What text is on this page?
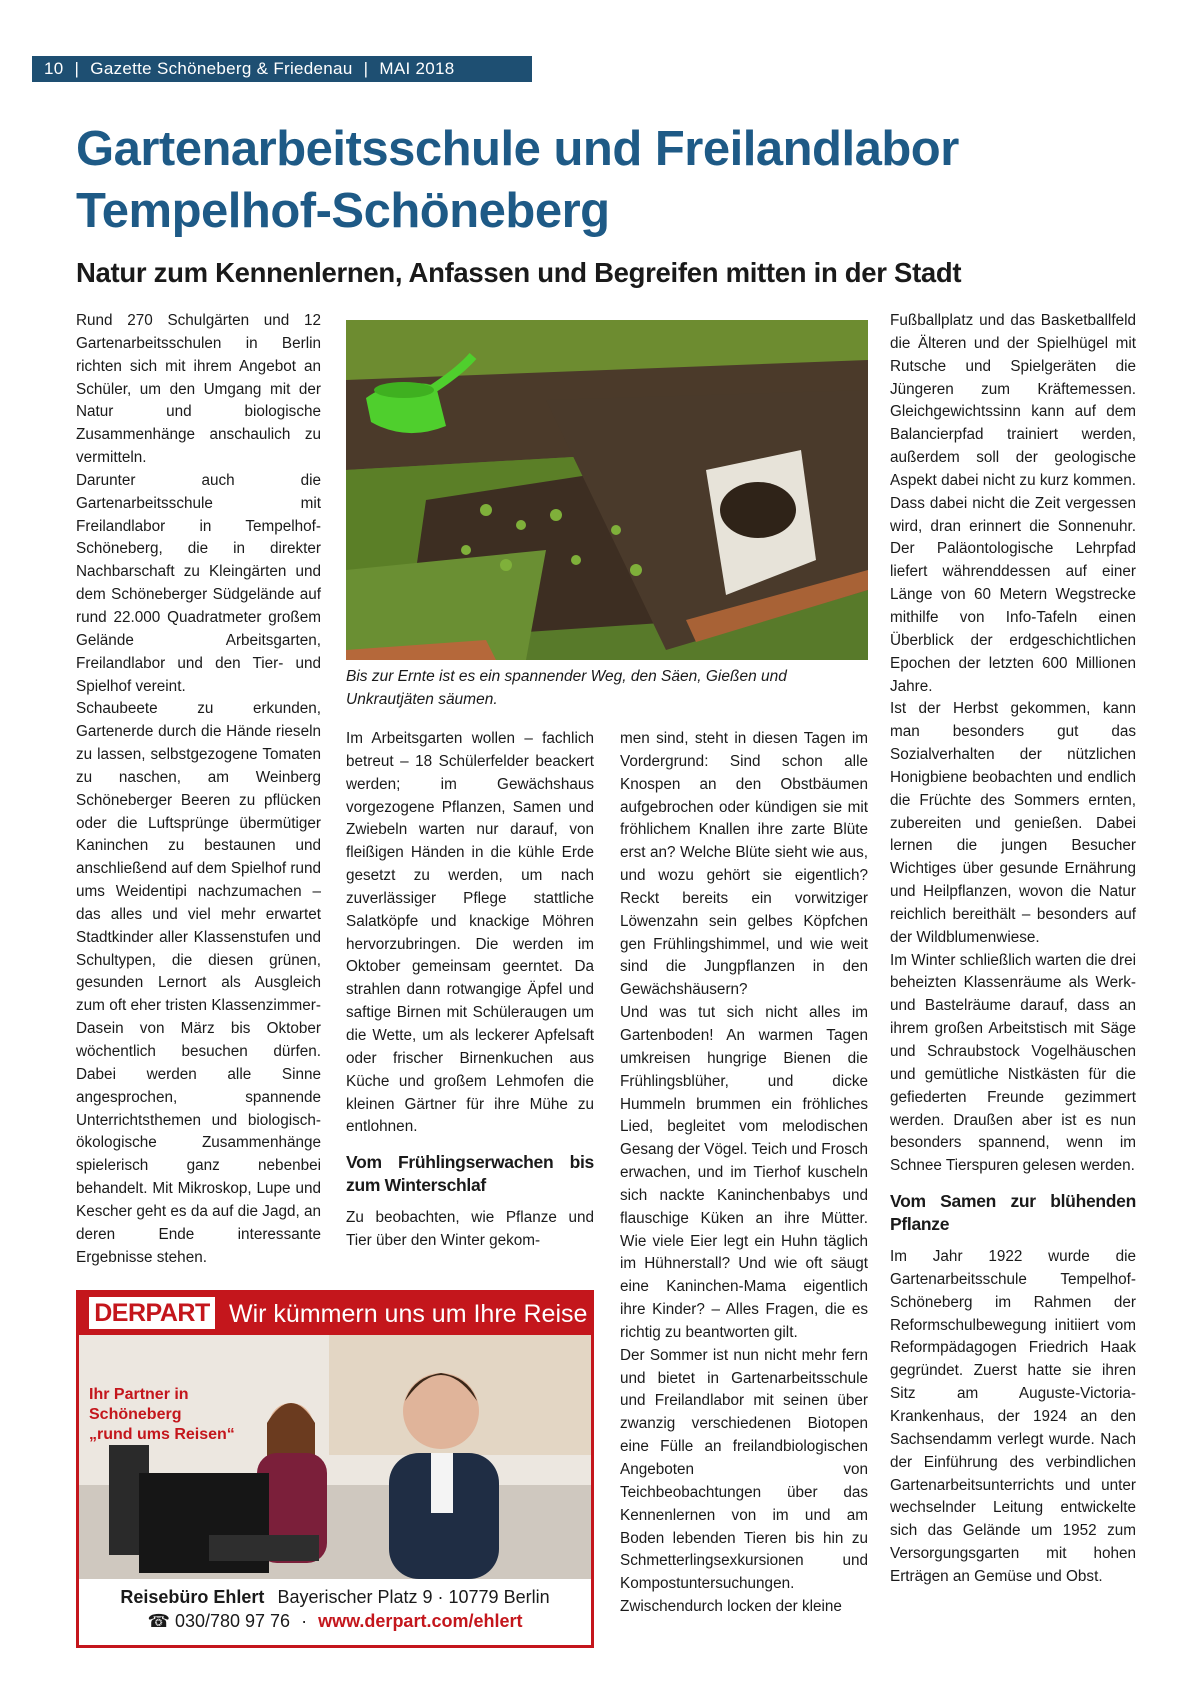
10 | Gazette Schöneberg & Friedenau | MAI 2018
Gartenarbeitsschule und Freilandlabor
Tempelhof-Schöneberg
Natur zum Kennenlernen, Anfassen und Begreifen mitten in der Stadt

Rund 270 Schulgärten und 12 Gartenarbeitsschulen in Berlin richten sich mit ihrem Angebot an Schüler, um den Umgang mit der Natur und biologische Zusammenhänge anschaulich zu vermitteln.

Darunter auch die Gartenarbeitsschule mit Freilandlabor in Tempelhof-Schöneberg, die in direkter Nachbarschaft zu Kleingärten und dem Schöneberger Südgelände auf rund 22.000 Quadratmeter großem Gelände Arbeitsgarten, Freilandlabor und den Tier- und Spielhof vereint.

Schaubeete zu erkunden, Gartenerde durch die Hände rieseln zu lassen, selbstgezogene Tomaten zu naschen, am Weinberg Schöneberger Beeren zu pflücken oder die Luftsprünge übermütiger Kaninchen zu bestaunen und anschließend auf dem Spielhof rund ums Weidentipi nachzumachen – das alles und viel mehr erwartet Stadtkinder aller Klassenstufen und Schultypen, die diesen grünen, gesunden Lernort als Ausgleich zum oft eher tristen Klassenzimmer-Dasein von März bis Oktober wöchentlich besuchen dürfen. Dabei werden alle Sinne angesprochen, spannende Unterrichtsthemen und biologisch-ökologische Zusammenhänge spielerisch ganz nebenbei behandelt. Mit Mikroskop, Lupe und Kescher geht es da auf die Jagd, an deren Ende interessante Ergebnisse stehen.

Bis zur Ernte ist es ein spannender Weg, den Säen, Gießen und Unkrautjäten säumen.

Im Arbeitsgarten wollen – fachlich betreut – 18 Schülerfelder beackert werden; im Gewächshaus vorgezogene Pflanzen, Samen und Zwiebeln warten nur darauf, von fleißigen Händen in die kühle Erde gesetzt zu werden, um nach zuverlässiger Pflege stattliche Salatköpfe und knackige Möhren hervorzubringen. Die werden im Oktober gemeinsam geerntet. Da strahlen dann rotwangige Äpfel und saftige Birnen mit Schüleraugen um die Wette, um als leckerer Apfelsaft oder frischer Birnenkuchen aus Küche und großem Lehmofen die kleinen Gärtner für ihre Mühe zu entlohnen.

Vom Frühlingserwachen bis zum Winterschlaf

Zu beobachten, wie Pflanze und Tier über den Winter gekom-

men sind, steht in diesen Tagen im Vordergrund: Sind schon alle Knospen an den Obstbäumen aufgebrochen oder kündigen sie mit fröhlichem Knallen ihre zarte Blüte erst an? Welche Blüte sieht wie aus, und wozu gehört sie eigentlich? Reckt bereits ein vorwitziger Löwenzahn sein gelbes Köpfchen gen Frühlingshimmel, und wie weit sind die Jungpflanzen in den Gewächshäusern?

Und was tut sich nicht alles im Gartenboden! An warmen Tagen umkreisen hungrige Bienen die Frühlingsblüher, und dicke Hummeln brummen ein fröhliches Lied, begleitet vom melodischen Gesang der Vögel. Teich und Frosch erwachen, und im Tierhof kuscheln sich nackte Kaninchenbabys und flauschige Küken an ihre Mütter. Wie viele Eier legt ein Huhn täglich im Hühnerstall? Und wie oft säugt eine Kaninchen-Mama eigentlich ihre Kinder? – Alles Fragen, die es richtig zu beantworten gilt.

Der Sommer ist nun nicht mehr fern und bietet in Gartenarbeitsschule und Freilandlabor mit seinen über zwanzig verschiedenen Biotopen eine Fülle an freilandbiologischen Angeboten von Teichbeobachtungen über das Kennenlernen von im und am Boden lebenden Tieren bis hin zu Schmetterlingsexkursionen und Kompostuntersuchungen. Zwischendurch locken der kleine

Fußballplatz und das Basketballfeld die Älteren und der Spielhügel mit Rutsche und Spielgeräten die Jüngeren zum Kräftemessen. Gleichgewichtssinn kann auf dem Balancierpfad trainiert werden, außerdem soll der geologische Aspekt dabei nicht zu kurz kommen. Dass dabei nicht die Zeit vergessen wird, dran erinnert die Sonnenuhr. Der Paläontologische Lehrpfad liefert währenddessen auf einer Länge von 60 Metern Wegstrecke mithilfe von Info-Tafeln einen Überblick der erdgeschichtlichen Epochen der letzten 600 Millionen Jahre.

Ist der Herbst gekommen, kann man besonders gut das Sozialverhalten der nützlichen Honigbiene beobachten und endlich die Früchte des Sommers ernten, zubereiten und genießen. Dabei lernen die jungen Besucher Wichtiges über gesunde Ernährung und Heilpflanzen, wovon die Natur reichlich bereithält – besonders auf der Wildblumenwiese.

Im Winter schließlich warten die drei beheizten Klassenräume als Werk- und Bastelräume darauf, dass an ihrem großen Arbeitstisch mit Säge und Schraubstock Vogelhäuschen und gemütliche Nistkästen für die gefiederten Freunde gezimmert werden. Draußen aber ist es nun besonders spannend, wenn im Schnee Tierspuren gelesen werden.

Vom Samen zur blühenden Pflanze

Im Jahr 1922 wurde die Gartenarbeitsschule Tempelhof-Schöneberg im Rahmen der Reformschulbewegung initiiert vom Reformpädagogen Friedrich Haak gegründet. Zuerst hatte sie ihren Sitz am Auguste-Victoria-Krankenhaus, der 1924 an den Sachsendamm verlegt wurde. Nach der Einführung des verbindlichen Gartenarbeitsunterrichts und unter wechselnder Leitung entwickelte sich das Gelände um 1952 zum Versorgungsgarten mit hohen Erträgen an Gemüse und Obst.

DERPART Wir kümmern uns um Ihre Reise
Ihr Partner in
Schöneberg
„rund ums Reisen“
Reisebüro Ehlert Bayerischer Platz 9 · 10779 Berlin
☎ 030/780 97 76 · www.derpart.com/ehlert
